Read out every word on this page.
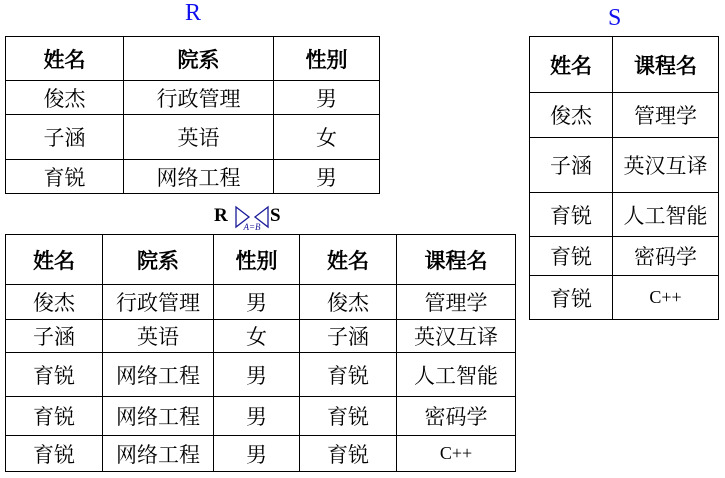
R
姓名	院系	性别
俊杰	行政管理	男
子涵	英语	女
育锐	网络工程	男
S
姓名	课程名
俊杰	管理学
子涵	英汉互译
育锐	人工智能
育锐	密码学
育锐	C++
R
A=B
S
姓名	院系	性别	姓名	课程名
俊杰	行政管理	男	俊杰	管理学
子涵	英语	女	子涵	英汉互译
育锐	网络工程	男	育锐	人工智能
育锐	网络工程	男	育锐	密码学
育锐	网络工程	男	育锐	C++
